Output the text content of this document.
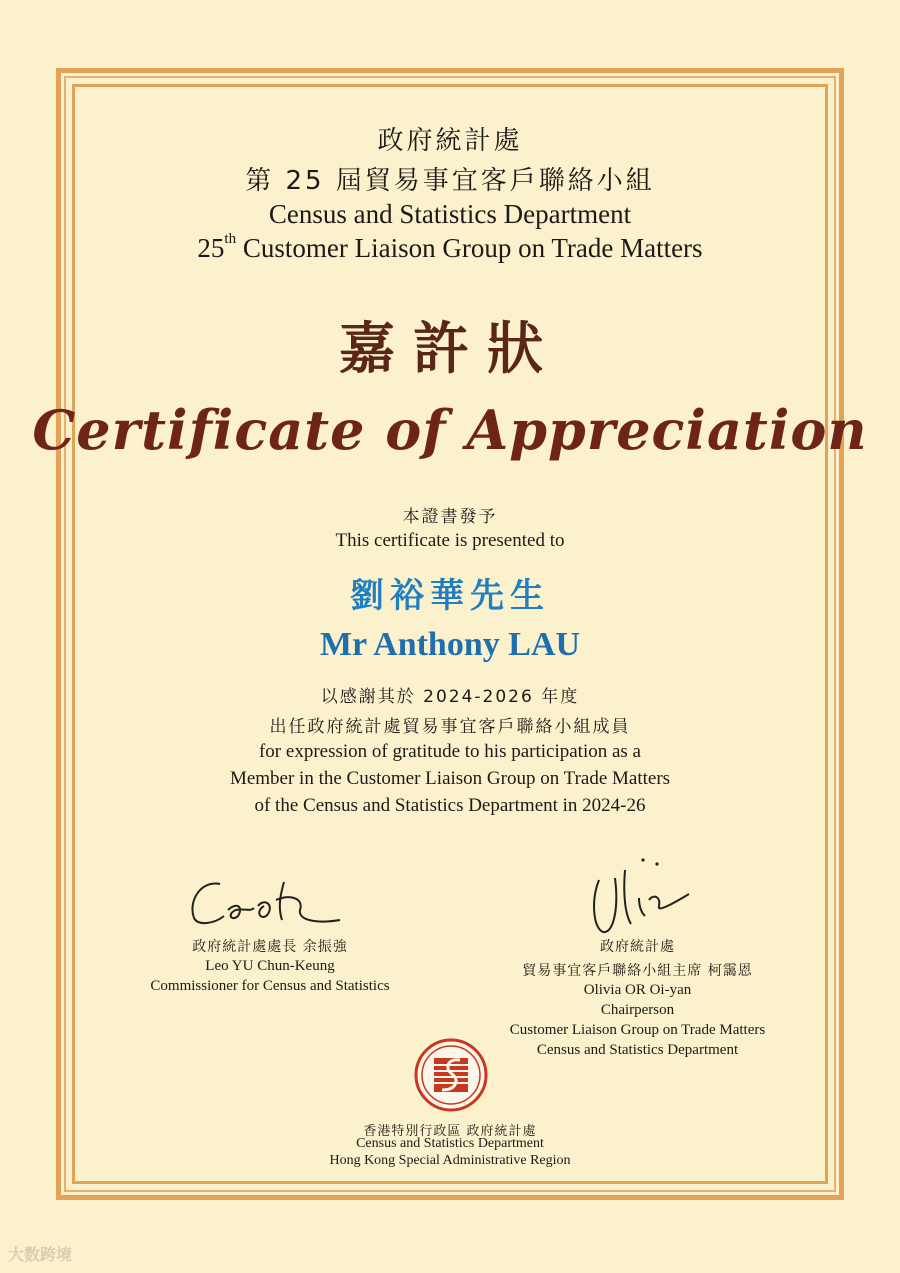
政府統計處
第 25 屆貿易事宜客戶聯絡小組
Census and Statistics Department
25th Customer Liaison Group on Trade Matters
嘉許狀
Certificate of Appreciation
本證書發予
This certificate is presented to
劉裕華先生
Mr Anthony LAU
以感謝其於 2024-2026 年度
出任政府統計處貿易事宜客戶聯絡小組成員
for expression of gratitude to his participation as a
Member in the Customer Liaison Group on Trade Matters
of the Census and Statistics Department in 2024-26
政府統計處處長 余振強
Leo YU Chun-Keung
Commissioner for Census and Statistics
政府統計處
貿易事宜客戶聯絡小組主席 柯靄恩
Olivia OR Oi-yan
Chairperson
Customer Liaison Group on Trade Matters
Census and Statistics Department
香港特別行政區 政府統計處
Census and Statistics Department
Hong Kong Special Administrative Region
大数跨境
